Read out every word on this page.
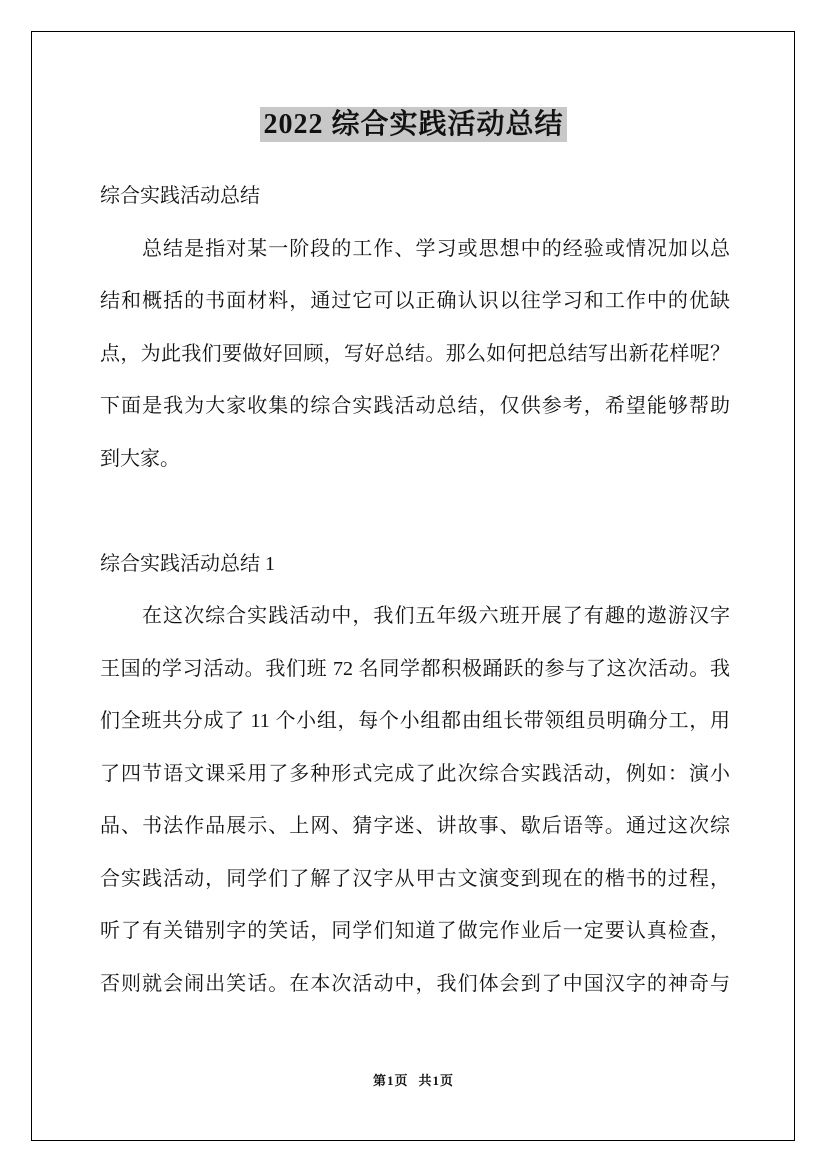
2022 综合实践活动总结
综合实践活动总结
总结是指对某一阶段的工作、学习或思想中的经验或情况加以总
结和概括的书面材料，通过它可以正确认识以往学习和工作中的优缺
点，为此我们要做好回顾，写好总结。那么如何把总结写出新花样呢？
下面是我为大家收集的综合实践活动总结，仅供参考，希望能够帮助
到大家。
综合实践活动总结 1
在这次综合实践活动中，我们五年级六班开展了有趣的遨游汉字
王国的学习活动。我们班 72 名同学都积极踊跃的参与了这次活动。我
们全班共分成了 11 个小组，每个小组都由组长带领组员明确分工，用
了四节语文课采用了多种形式完成了此次综合实践活动，例如：演小
品、书法作品展示、上网、猜字迷、讲故事、歇后语等。通过这次综
合实践活动，同学们了解了汉字从甲古文演变到现在的楷书的过程，
听了有关错别字的笑话，同学们知道了做完作业后一定要认真检查，
否则就会闹出笑话。在本次活动中，我们体会到了中国汉字的神奇与
第1页 共1页
